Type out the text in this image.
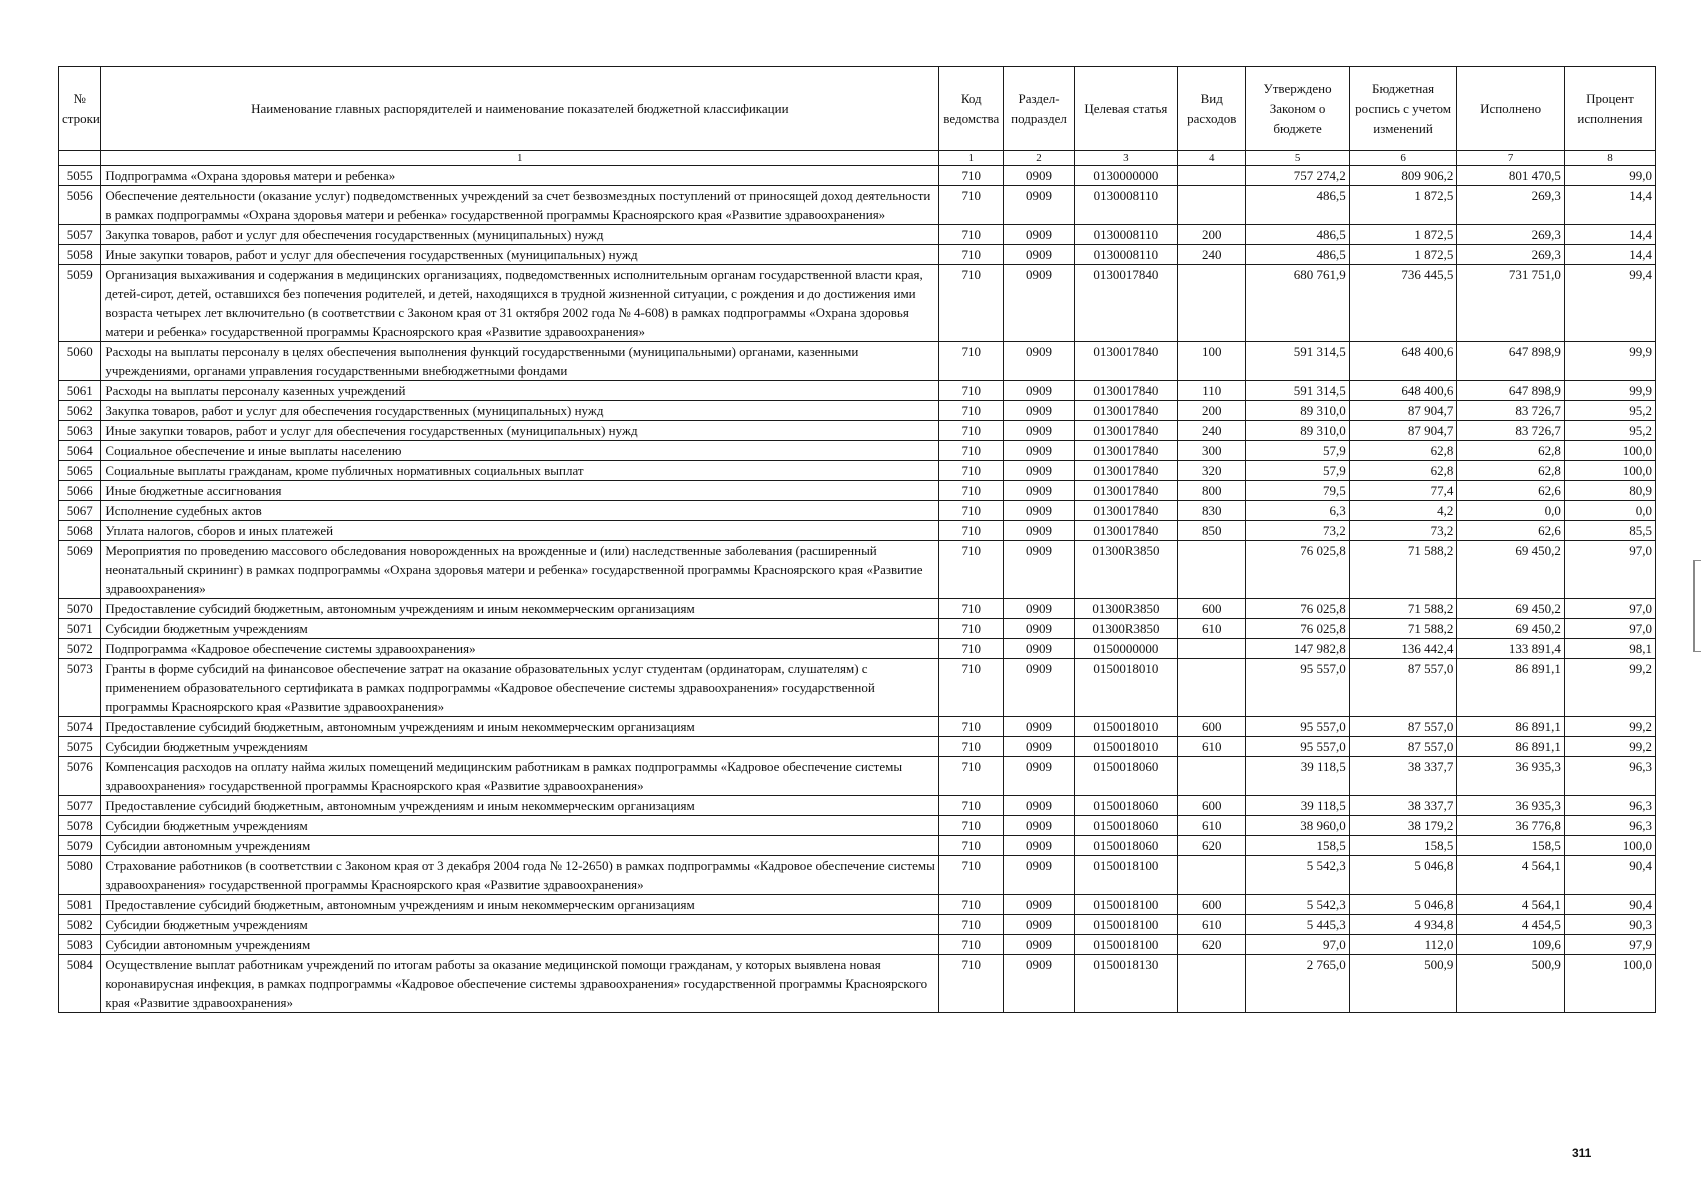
№ строки	Наименование главных распорядителей и наименование показателей бюджетной классификации	Код ведомства	Раздел-подраздел	Целевая статья	Вид расходов	Утверждено Законом о бюджете	Бюджетная роспись с учетом изменений	Исполнено	Процент исполнения
	1	1	2	3	4	5	6	7	8
5055	Подпрограмма «Охрана здоровья матери и ребенка»	710	0909	0130000000		757 274,2	809 906,2	801 470,5	99,0
5056	Обеспечение деятельности (оказание услуг) подведомственных учреждений за счет безвозмездных поступлений от приносящей доход деятельности в рамках подпрограммы «Охрана здоровья матери и ребенка» государственной программы Красноярского края «Развитие здравоохранения»	710	0909	0130008110		486,5	1 872,5	269,3	14,4
5057	Закупка товаров, работ и услуг для обеспечения государственных (муниципальных) нужд	710	0909	0130008110	200	486,5	1 872,5	269,3	14,4
5058	Иные закупки товаров, работ и услуг для обеспечения государственных (муниципальных) нужд	710	0909	0130008110	240	486,5	1 872,5	269,3	14,4
5059	Организация выхаживания и содержания в медицинских организациях, подведомственных исполнительным органам государственной власти края, детей-сирот, детей, оставшихся без попечения родителей, и детей, находящихся в трудной жизненной ситуации, с рождения и до достижения ими возраста четырех лет включительно (в соответствии с Законом края от 31 октября 2002 года № 4-608) в рамках подпрограммы «Охрана здоровья матери и ребенка» государственной программы Красноярского края «Развитие здравоохранения»	710	0909	0130017840		680 761,9	736 445,5	731 751,0	99,4
5060	Расходы на выплаты персоналу в целях обеспечения выполнения функций государственными (муниципальными) органами, казенными учреждениями, органами управления государственными внебюджетными фондами	710	0909	0130017840	100	591 314,5	648 400,6	647 898,9	99,9
5061	Расходы на выплаты персоналу казенных учреждений	710	0909	0130017840	110	591 314,5	648 400,6	647 898,9	99,9
5062	Закупка товаров, работ и услуг для обеспечения государственных (муниципальных) нужд	710	0909	0130017840	200	89 310,0	87 904,7	83 726,7	95,2
5063	Иные закупки товаров, работ и услуг для обеспечения государственных (муниципальных) нужд	710	0909	0130017840	240	89 310,0	87 904,7	83 726,7	95,2
5064	Социальное обеспечение и иные выплаты населению	710	0909	0130017840	300	57,9	62,8	62,8	100,0
5065	Социальные выплаты гражданам, кроме публичных нормативных социальных выплат	710	0909	0130017840	320	57,9	62,8	62,8	100,0
5066	Иные бюджетные ассигнования	710	0909	0130017840	800	79,5	77,4	62,6	80,9
5067	Исполнение судебных актов	710	0909	0130017840	830	6,3	4,2	0,0	0,0
5068	Уплата налогов, сборов и иных платежей	710	0909	0130017840	850	73,2	73,2	62,6	85,5
5069	Мероприятия по проведению массового обследования новорожденных на врожденные и (или) наследственные заболевания (расширенный неонатальный скрининг) в рамках подпрограммы «Охрана здоровья матери и ребенка» государственной программы Красноярского края «Развитие здравоохранения»	710	0909	01300R3850		76 025,8	71 588,2	69 450,2	97,0
5070	Предоставление субсидий бюджетным, автономным учреждениям и иным некоммерческим организациям	710	0909	01300R3850	600	76 025,8	71 588,2	69 450,2	97,0
5071	Субсидии бюджетным учреждениям	710	0909	01300R3850	610	76 025,8	71 588,2	69 450,2	97,0
5072	Подпрограмма «Кадровое обеспечение системы здравоохранения»	710	0909	0150000000		147 982,8	136 442,4	133 891,4	98,1
5073	Гранты в форме субсидий на финансовое обеспечение затрат на оказание образовательных услуг студентам (ординаторам, слушателям) с применением образовательного сертификата в рамках подпрограммы «Кадровое обеспечение системы здравоохранения» государственной программы Красноярского края «Развитие здравоохранения»	710	0909	0150018010		95 557,0	87 557,0	86 891,1	99,2
5074	Предоставление субсидий бюджетным, автономным учреждениям и иным некоммерческим организациям	710	0909	0150018010	600	95 557,0	87 557,0	86 891,1	99,2
5075	Субсидии бюджетным учреждениям	710	0909	0150018010	610	95 557,0	87 557,0	86 891,1	99,2
5076	Компенсация расходов на оплату найма жилых помещений медицинским работникам в рамках подпрограммы «Кадровое обеспечение системы здравоохранения» государственной программы Красноярского края «Развитие здравоохранения»	710	0909	0150018060		39 118,5	38 337,7	36 935,3	96,3
5077	Предоставление субсидий бюджетным, автономным учреждениям и иным некоммерческим организациям	710	0909	0150018060	600	39 118,5	38 337,7	36 935,3	96,3
5078	Субсидии бюджетным учреждениям	710	0909	0150018060	610	38 960,0	38 179,2	36 776,8	96,3
5079	Субсидии автономным учреждениям	710	0909	0150018060	620	158,5	158,5	158,5	100,0
5080	Страхование работников (в соответствии с Законом края от 3 декабря 2004 года № 12-2650) в рамках подпрограммы «Кадровое обеспечение системы здравоохранения» государственной программы Красноярского края «Развитие здравоохранения»	710	0909	0150018100		5 542,3	5 046,8	4 564,1	90,4
5081	Предоставление субсидий бюджетным, автономным учреждениям и иным некоммерческим организациям	710	0909	0150018100	600	5 542,3	5 046,8	4 564,1	90,4
5082	Субсидии бюджетным учреждениям	710	0909	0150018100	610	5 445,3	4 934,8	4 454,5	90,3
5083	Субсидии автономным учреждениям	710	0909	0150018100	620	97,0	112,0	109,6	97,9
5084	Осуществление выплат работникам учреждений по итогам работы за оказание медицинской помощи гражданам, у которых выявлена новая коронавирусная инфекция, в рамках подпрограммы «Кадровое обеспечение системы здравоохранения» государственной программы Красноярского края «Развитие здравоохранения»	710	0909	0150018130		2 765,0	500,9	500,9	100,0
311
